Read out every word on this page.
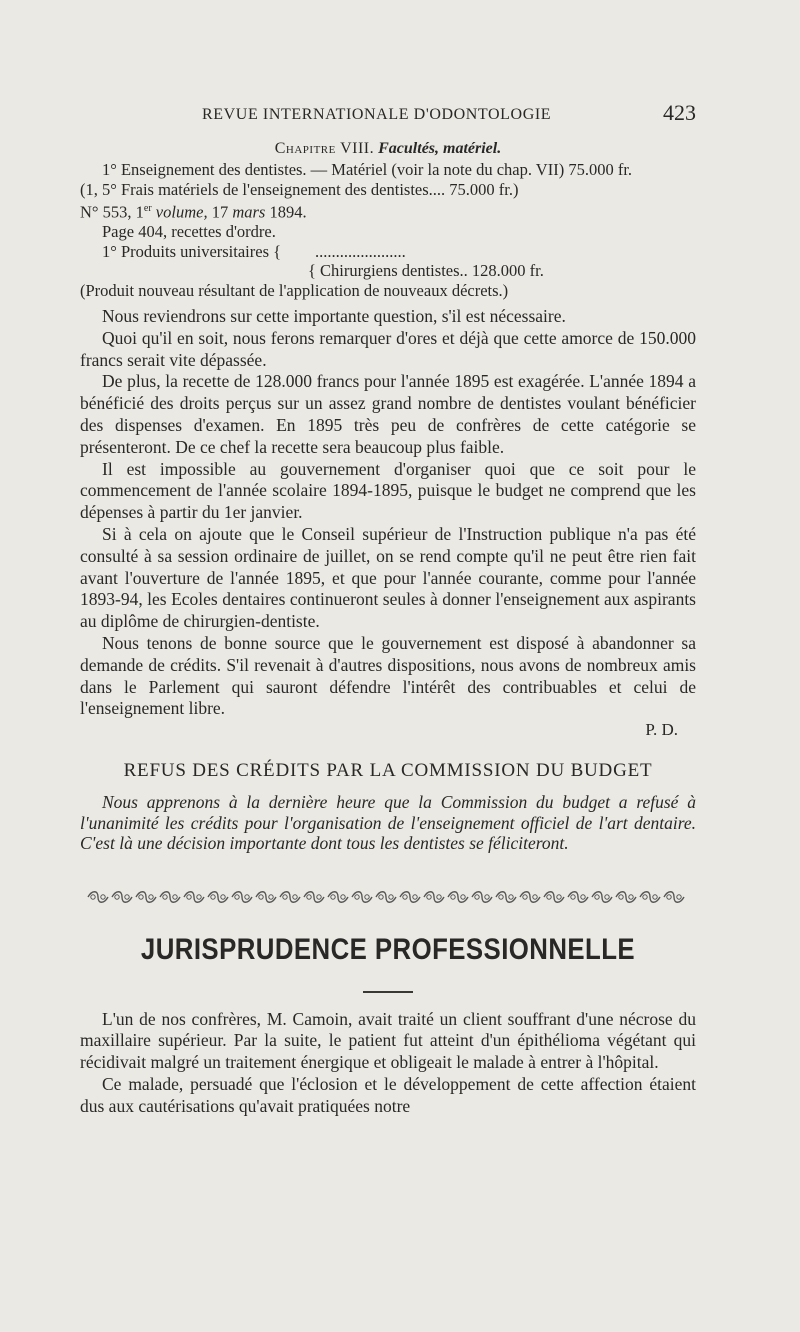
REVUE INTERNATIONALE D'ODONTOLOGIE	423
Chapitre VIII. Facultés, matériel.

1° Enseignement des dentistes. — Matériel (voir la note du chap. VII) 75.000 fr.

(1, 5° Frais matériels de l'enseignement des dentistes.... 75.000 fr.)

N° 553, 1er volume, 17 mars 1894.

Page 404, recettes d'ordre.

1° Produits universitaires { ......................

{ Chirurgiens dentistes.. 128.000 fr.

(Produit nouveau résultant de l'application de nouveaux décrets.)

Nous reviendrons sur cette importante question, s'il est nécessaire.

Quoi qu'il en soit, nous ferons remarquer d'ores et déjà que cette amorce de 150.000 francs serait vite dépassée.

De plus, la recette de 128.000 francs pour l'année 1895 est exagérée. L'année 1894 a bénéficié des droits perçus sur un assez grand nombre de dentistes voulant bénéficier des dispenses d'examen. En 1895 très peu de confrères de cette catégorie se présenteront. De ce chef la recette sera beaucoup plus faible.

Il est impossible au gouvernement d'organiser quoi que ce soit pour le commencement de l'année scolaire 1894-1895, puisque le budget ne comprend que les dépenses à partir du 1er janvier.

Si à cela on ajoute que le Conseil supérieur de l'Instruction publique n'a pas été consulté à sa session ordinaire de juillet, on se rend compte qu'il ne peut être rien fait avant l'ouverture de l'année 1895, et que pour l'année courante, comme pour l'année 1893-94, les Ecoles dentaires continueront seules à donner l'enseignement aux aspirants au diplôme de chirurgien-dentiste.

Nous tenons de bonne source que le gouvernement est disposé à abandonner sa demande de crédits. S'il revenait à d'autres dispositions, nous avons de nombreux amis dans le Parlement qui sauront défendre l'intérêt des contribuables et celui de l'enseignement libre.

P. D.
REFUS DES CRÉDITS PAR LA COMMISSION DU BUDGET

Nous apprenons à la dernière heure que la Commission du budget a refusé à l'unanimité les crédits pour l'organisation de l'enseignement officiel de l'art dentaire. C'est là une décision importante dont tous les dentistes se féliciteront.

JURISPRUDENCE PROFESSIONNELLE

L'un de nos confrères, M. Camoin, avait traité un client souffrant d'une nécrose du maxillaire supérieur. Par la suite, le patient fut atteint d'un épithélioma végétant qui récidivait malgré un traitement énergique et obligeait le malade à entrer à l'hôpital.

Ce malade, persuadé que l'éclosion et le développement de cette affection étaient dus aux cautérisations qu'avait pratiquées notre
